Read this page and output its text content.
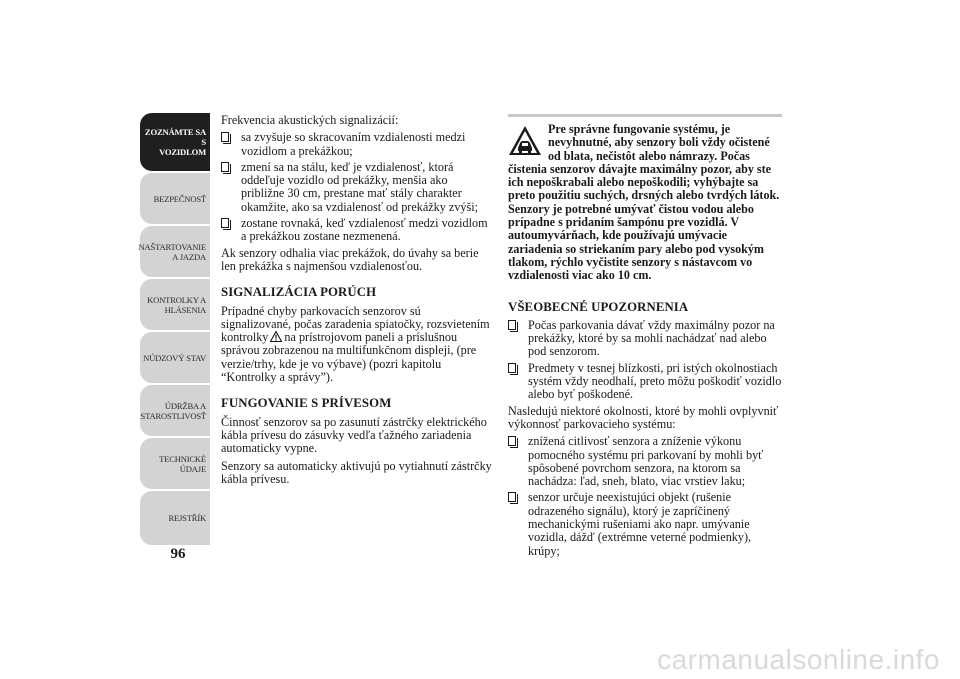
ZOZNÁMTE SA S
VOZIDLOM
BEZPEČNOSŤ
NAŠTARTOVANIE
A JAZDA
KONTROLKY A
HLÁSENIA
NÚDZOVÝ STAV
ÚDRŽBA A
STAROSTLIVOSŤ
TECHNICKÉ
ÚDAJE
REJSTŘÍK
96

Frekvencia akustických signalizácií:

sa zvyšuje so skracovaním vzdialenosti medzi vozidlom a prekážkou;
zmení sa na stálu, keď je vzdialenosť, ktorá oddeľuje vozidlo od prekážky, menšia ako približne 30 cm, prestane mať stály charakter okamžite, ako sa vzdialenosť od prekážky zvýši;
zostane rovnaká, keď vzdialenosť medzi vozidlom a prekážkou zostane nezmenená.

Ak senzory odhalia viac prekážok, do úvahy sa berie len prekážka s najmenšou vzdialenosťou.

SIGNALIZÁCIA PORÚCH

Prípadné chyby parkovacích senzorov sú signalizované, počas zaradenia spiatočky, rozsvietením kontrolky na prístrojovom paneli a príslušnou správou zobrazenou na multifunkčnom displeji, (pre verzie/trhy, kde je vo výbave) (pozri kapitolu “Kontrolky a správy”).

FUNGOVANIE S PRÍVESOM

Činnosť senzorov sa po zasunutí zástrčky elektrického kábla prívesu do zásuvky vedľa ťažného zariadenia automaticky vypne.

Senzory sa automaticky aktivujú po vytiahnutí zástrčky kábla prívesu.

Pre správne fungovanie systému, je nevyhnutné, aby senzory boli vždy očistené od blata, nečistôt alebo námrazy. Počas čistenia senzorov dávajte maximálny pozor, aby ste ich nepoškrabali alebo nepoškodili; vyhýbajte sa preto použitiu suchých, drsných alebo tvrdých látok. Senzory je potrebné umývať čistou vodou alebo prípadne s pridaním šampónu pre vozidlá. V autoumyvárňach, kde používajú umývacie zariadenia so striekaním pary alebo pod vysokým tlakom, rýchlo vyčistite senzory s nástavcom vo vzdialenosti viac ako 10 cm.
VŠEOBECNÉ UPOZORNENIA
Počas parkovania dávať vždy maximálny pozor na prekážky, ktoré by sa mohli nachádzať nad alebo pod senzorom.
Predmety v tesnej blízkosti, pri istých okolnostiach systém vždy neodhalí, preto môžu poškodiť vozidlo alebo byť poškodené.

Nasledujú niektoré okolnosti, ktoré by mohli ovplyvniť výkonnosť parkovacieho systému:

znížená citlivosť senzora a zníženie výkonu pomocného systému pri parkovaní by mohli byť spôsobené povrchom senzora, na ktorom sa nachádza: ľad, sneh, blato, viac vrstiev laku;
senzor určuje neexistujúci objekt (rušenie odrazeného signálu), ktorý je zapríčinený mechanickými rušeniami ako napr. umývanie vozidla, dážď (extrémne veterné podmienky), krúpy;
carmanualsonline.info
